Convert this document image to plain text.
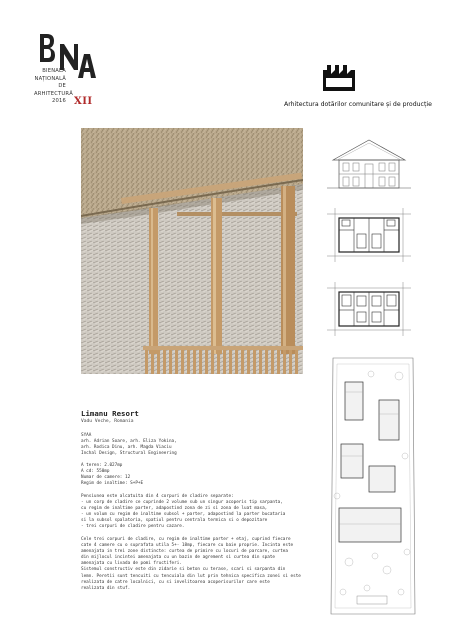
BIENALA
NAȚIONALĂ
DE
ARHITECTURĂ
2016 XII	Arhitectura dotărilor comunitare și de producție
Limanu Resort
Vadu Veche, Romania
SYAA
arh. Adrian Soare, arh. Eliza Yokina,
arh. Rodica Dinu, arh. Magda Viaciu
Inchal Design, Structural Engineering
A teren: 2.027mp
A cd: 550mp
Numar de camere: 12
Regim de inaltime: S+P+E
Pensiunea este alcatuita din 4 corpuri de cladire separate:
- un corp de cladire ce cuprinde 2 volume sub un singur acoperis tip sarpanta,
cu regim de inaltime parter, adapostind zona de zi si zona de luat masa,
- un volum cu regim de inaltime subsol + parter, adapostind la parter bucataria
si la subsol spalatoria, spatiul pentru centrala termica si o depozitare
- trei corpuri de cladire pentru cazare.
Cele trei corpuri de cladire, cu regim de inaltime parter + etaj, cuprind fiecare
cate 4 camere cu o suprafata utila 5+- 18mp, fiecare cu baie proprie. Incinta este
amenajata in trei zone distincte: curtea de primire cu locuri de parcare, curtea
din mijlocul incintei amenajata cu un bazin de agrement si curtea din spate
amenajata cu livada de pomi fructiferi.
Sistemul constructiv este din zidarie si beton cu terase, scari si sarpanta din
lemn. Peretii sunt tencuiti cu tencuiala din lut prin tehnica specifica zonei si este
realizata de catre localnici, cu si invelitoarea acoperisurilor care este
realizata din stuf.
